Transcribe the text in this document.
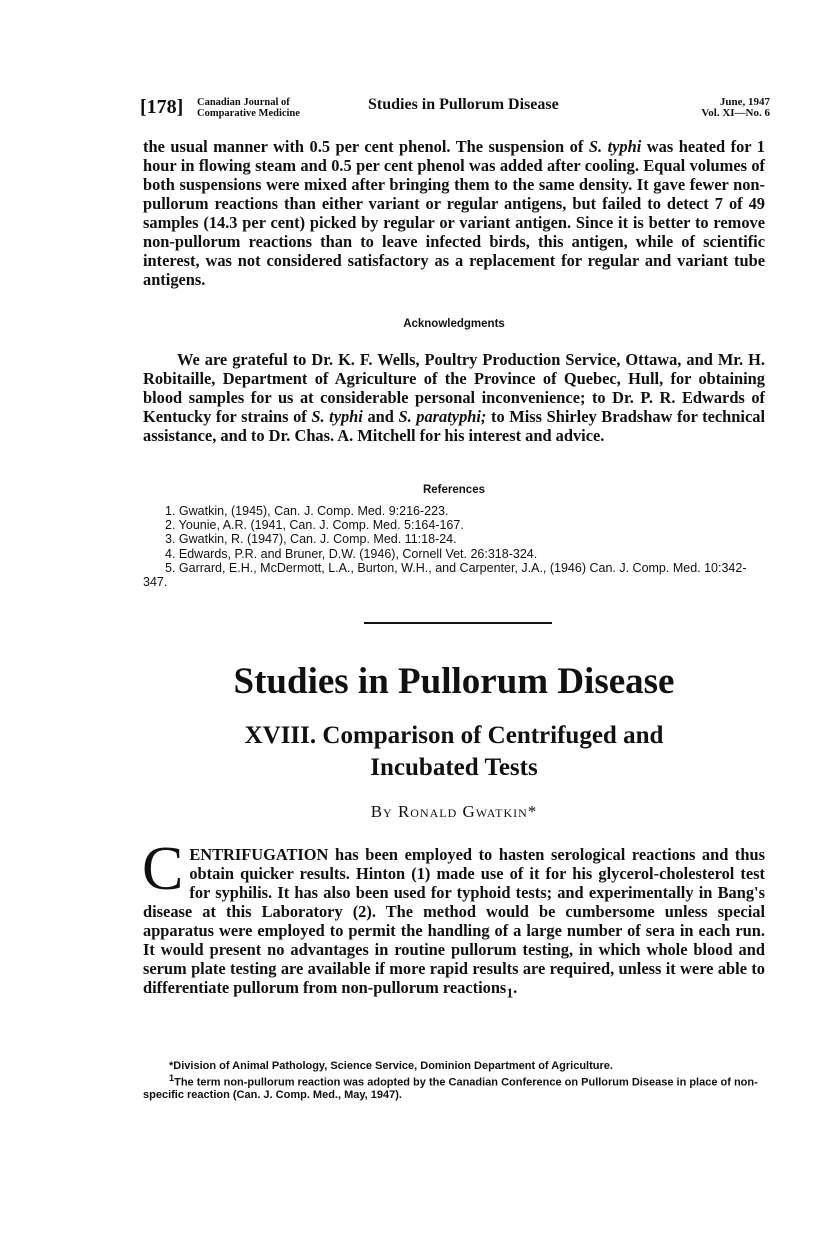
[178] Canadian Journal of
Comparative Medicine
Studies in Pullorum Disease	June, 1947
Vol. XI—No. 6

the usual manner with 0.5 per cent phenol. The suspension of S. typhi was heated for 1 hour in flowing steam and 0.5 per cent phenol was added after cooling. Equal volumes of both suspensions were mixed after bringing them to the same density. It gave fewer non-pullorum reactions than either variant or regular antigens, but failed to detect 7 of 49 samples (14.3 per cent) picked by regular or variant antigen. Since it is better to remove non-pullorum reactions than to leave infected birds, this antigen, while of scientific interest, was not considered satisfactory as a replacement for regular and variant tube antigens.

Acknowledgments

We are grateful to Dr. K. F. Wells, Poultry Production Service, Ottawa, and Mr. H. Robitaille, Department of Agriculture of the Province of Quebec, Hull, for obtaining blood samples for us at considerable personal inconvenience; to Dr. P. R. Edwards of Kentucky for strains of S. typhi and S. paratyphi; to Miss Shirley Bradshaw for technical assistance, and to Dr. Chas. A. Mitchell for his interest and advice.

References

1. Gwatkin, (1945), Can. J. Comp. Med. 9:216-223.

2. Younie, A.R. (1941, Can. J. Comp. Med. 5:164-167.

3. Gwatkin, R. (1947), Can. J. Comp. Med. 11:18-24.

4. Edwards, P.R. and Bruner, D.W. (1946), Cornell Vet. 26:318-324.

5. Garrard, E.H., McDermott, L.A., Burton, W.H., and Carpenter, J.A., (1946) Can. J. Comp. Med. 10:342-347.

Studies in Pullorum Disease
XVIII. Comparison of Centrifuged and
Incubated Tests
By Ronald Gwatkin*
CENTRIFUGATION has been employed to hasten serological reactions and thus obtain quicker results. Hinton (1) made use of it for his glycerol-cholesterol test for syphilis. It has also been used for typhoid tests; and experimentally in Bang's disease at this Laboratory (2). The method would be cumbersome unless special apparatus were employed to permit the handling of a large number of sera in each run. It would present no advantages in routine pullorum testing, in which whole blood and serum plate testing are available if more rapid results are required, unless it were able to differentiate pullorum from non-pullorum reactions$_1$.

*Division of Animal Pathology, Science Service, Dominion Department of Agriculture.

$^1$The term non-pullorum reaction was adopted by the Canadian Conference on Pullorum Disease in place of non-specific reaction (Can. J. Comp. Med., May, 1947).
